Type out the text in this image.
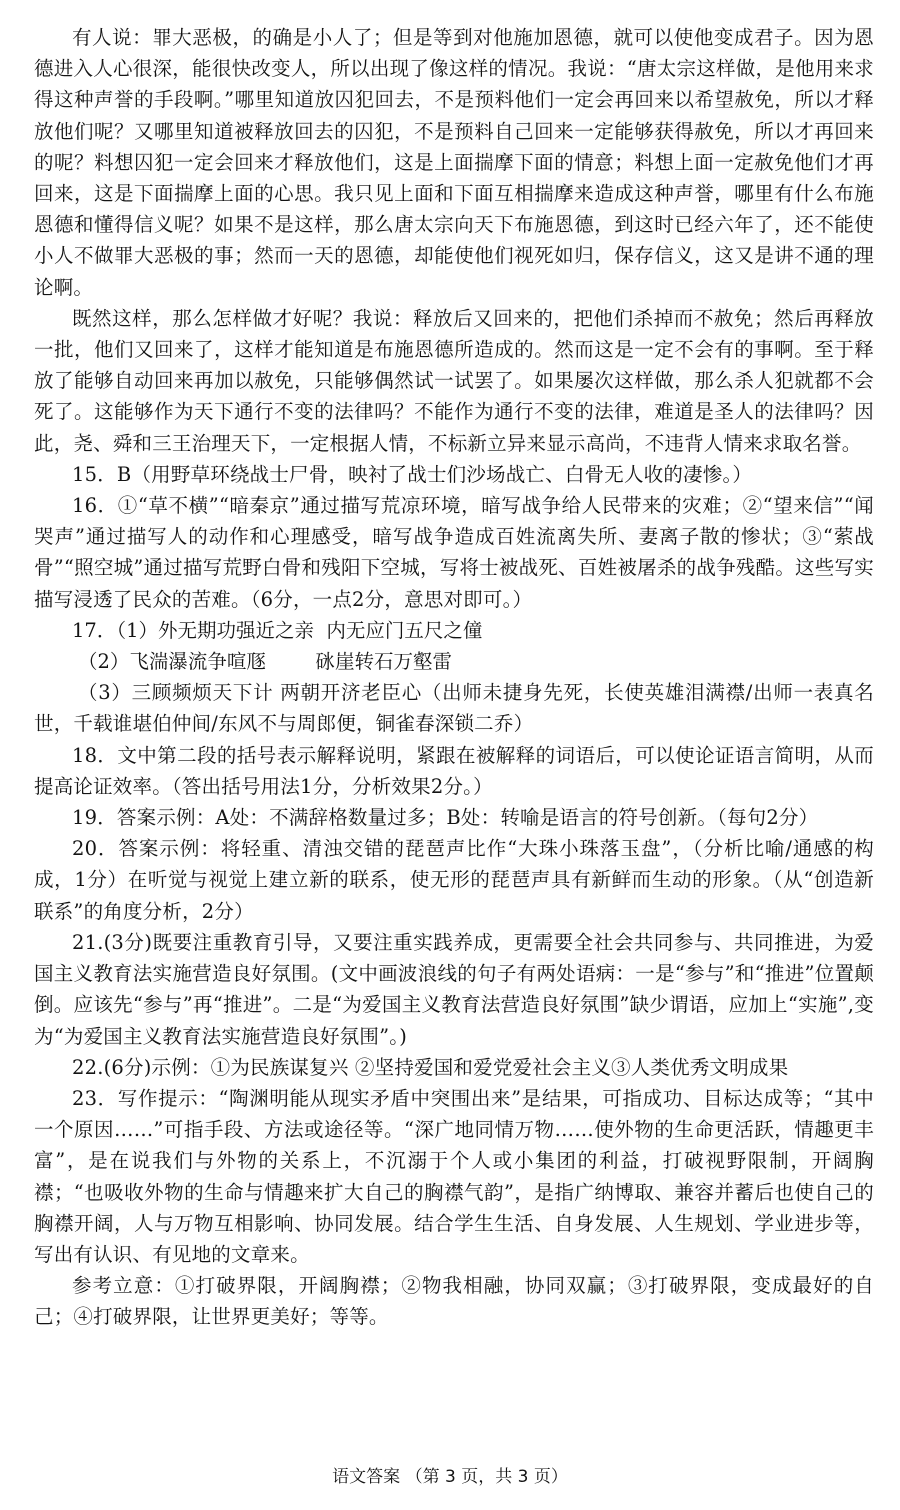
有人说：罪大恶极，的确是小人了；但是等到对他施加恩德，就可以使他变成君子。因为恩德进入人心很深，能很快改变人，所以出现了像这样的情况。我说：“唐太宗这样做，是他用来求得这种声誉的手段啊。”哪里知道放囚犯回去，不是预料他们一定会再回来以希望赦免，所以才释放他们呢？又哪里知道被释放回去的囚犯，不是预料自己回来一定能够获得赦免，所以才再回来的呢？料想囚犯一定会回来才释放他们，这是上面揣摩下面的情意；料想上面一定赦免他们才再回来，这是下面揣摩上面的心思。我只见上面和下面互相揣摩来造成这种声誉，哪里有什么布施恩德和懂得信义呢？如果不是这样，那么唐太宗向天下布施恩德，到这时已经六年了，还不能使小人不做罪大恶极的事；然而一天的恩德，却能使他们视死如归，保存信义，这又是讲不通的理论啊。

既然这样，那么怎样做才好呢？我说：释放后又回来的，把他们杀掉而不赦免；然后再释放一批，他们又回来了，这样才能知道是布施恩德所造成的。然而这是一定不会有的事啊。至于释放了能够自动回来再加以赦免，只能够偶然试一试罢了。如果屡次这样做，那么杀人犯就都不会死了。这能够作为天下通行不变的法律吗？不能作为通行不变的法律，难道是圣人的法律吗？因此，尧、舜和三王治理天下，一定根据人情，不标新立异来显示高尚，不违背人情来求取名誉。

15．B（用野草环绕战士尸骨，映衬了战士们沙场战亡、白骨无人收的凄惨。）

16．①“草不横”“暗秦京”通过描写荒凉环境，暗写战争给人民带来的灾难；②“望来信”“闻哭声”通过描写人的动作和心理感受，暗写战争造成百姓流离失所、妻离子散的惨状；③“萦战骨”“照空城”通过描写荒野白骨和残阳下空城，写将士被战死、百姓被屠杀的战争残酷。这些写实描写浸透了民众的苦难。（6分，一点2分，意思对即可。）

17．（1）外无期功强近之亲  内无应门五尺之僮

（2）飞湍瀑流争喧豗        砯崖转石万壑雷

（3）三顾频烦天下计 两朝开济老臣心（出师未捷身先死，长使英雄泪满襟/出师一表真名世，千载谁堪伯仲间/东风不与周郎便，铜雀春深锁二乔）

18．文中第二段的括号表示解释说明，紧跟在被解释的词语后，可以使论证语言简明，从而提高论证效率。（答出括号用法1分，分析效果2分。）

19．答案示例：A处：不满辞格数量过多；B处：转喻是语言的符号创新。（每句2分）

20．答案示例：将轻重、清浊交错的琵琶声比作“大珠小珠落玉盘”，（分析比喻/通感的构成，1分）在听觉与视觉上建立新的联系，使无形的琵琶声具有新鲜而生动的形象。（从“创造新联系”的角度分析，2分）

21.(3分)既要注重教育引导，又要注重实践养成，更需要全社会共同参与、共同推进，为爱国主义教育法实施营造良好氛围。(文中画波浪线的句子有两处语病：一是“参与”和“推进”位置颠倒。应该先“参与”再“推进”。二是“为爱国主义教育法营造良好氛围”缺少谓语，应加上“实施”,变为“为爱国主义教育法实施营造良好氛围”。)

22.(6分)示例：①为民族谋复兴 ②坚持爱国和爱党爱社会主义③人类优秀文明成果

23．写作提示：“陶渊明能从现实矛盾中突围出来”是结果，可指成功、目标达成等；“其中一个原因……”可指手段、方法或途径等。“深广地同情万物……使外物的生命更活跃，情趣更丰富”，是在说我们与外物的关系上，不沉溺于个人或小集团的利益，打破视野限制，开阔胸襟；“也吸收外物的生命与情趣来扩大自己的胸襟气韵”，是指广纳博取、兼容并蓄后也使自己的胸襟开阔，人与万物互相影响、协同发展。结合学生生活、自身发展、人生规划、学业进步等，写出有认识、有见地的文章来。

参考立意：①打破界限，开阔胸襟；②物我相融，协同双赢；③打破界限，变成最好的自己；④打破界限，让世界更美好；等等。

语文答案 （第 3 页，共 3 页）
